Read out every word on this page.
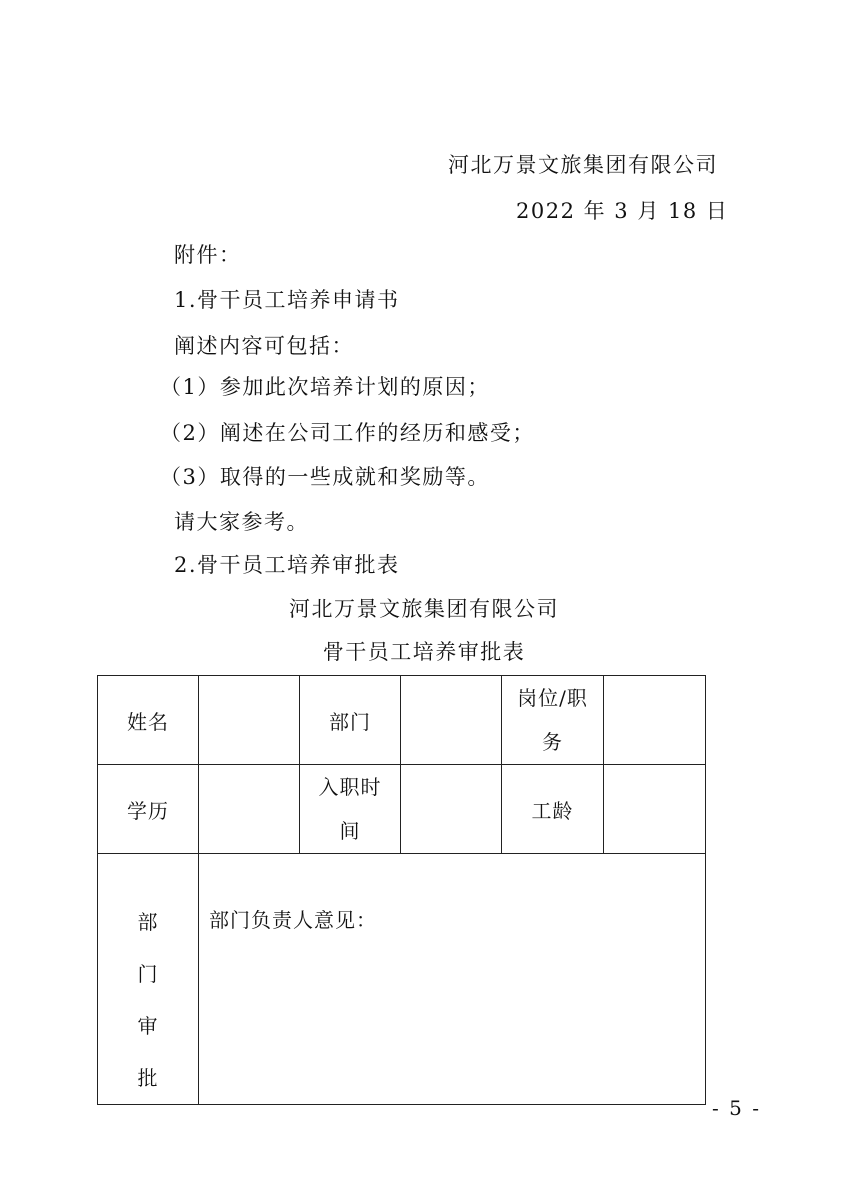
河北万景文旅集团有限公司
2022 年 3 月 18 日
附件：
1.骨干员工培养申请书
阐述内容可包括：
（1）参加此次培养计划的原因；
（2）阐述在公司工作的经历和感受；
（3）取得的一些成就和奖励等。
请大家参考。
2.骨干员工培养审批表
河北万景文旅集团有限公司
骨干员工培养审批表
姓名		部门		岗位/职务	
学历		入职时间		工龄	
部门审批	部门负责人意见：				
- 5 -
